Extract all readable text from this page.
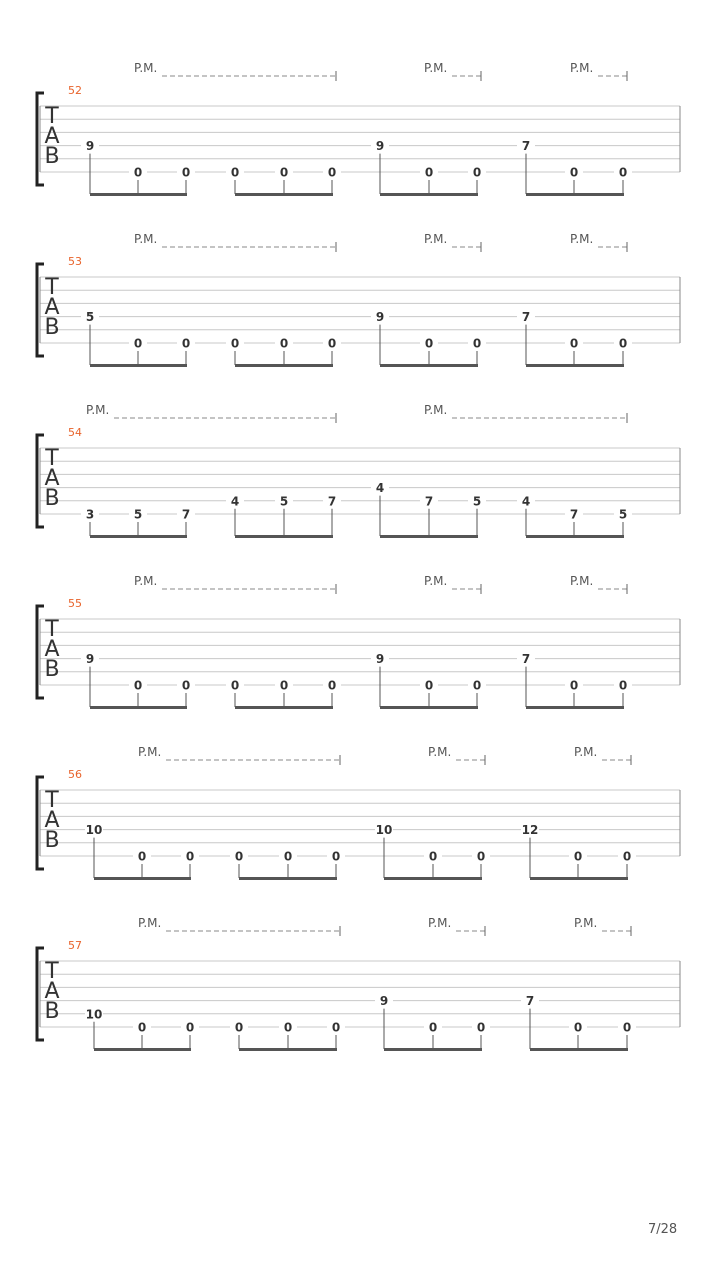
T
A
B
52
P.M.	P.M.	P.M.
9
0	0	0	0	0
9
0	0
7
0	0
T
A
B
53
P.M.	P.M.	P.M.
5
0	0	0	0	0
9
0	0
7
0	0
T
A
B
54
P.M.	P.M.
3	5	7
4	5	7
4
7	5	4
7	5
T
A
B
55
P.M.	P.M.	P.M.
9
0	0	0	0	0
9
0	0
7
0	0
T
A
B
56
P.M.	P.M.	P.M.
10
0	0	0	0	0
10
0	0
12
0	0
T
A
B
57
P.M.	P.M.	P.M.
10
0	0	0	0	0
9
0	0
7
0	0
7/28
